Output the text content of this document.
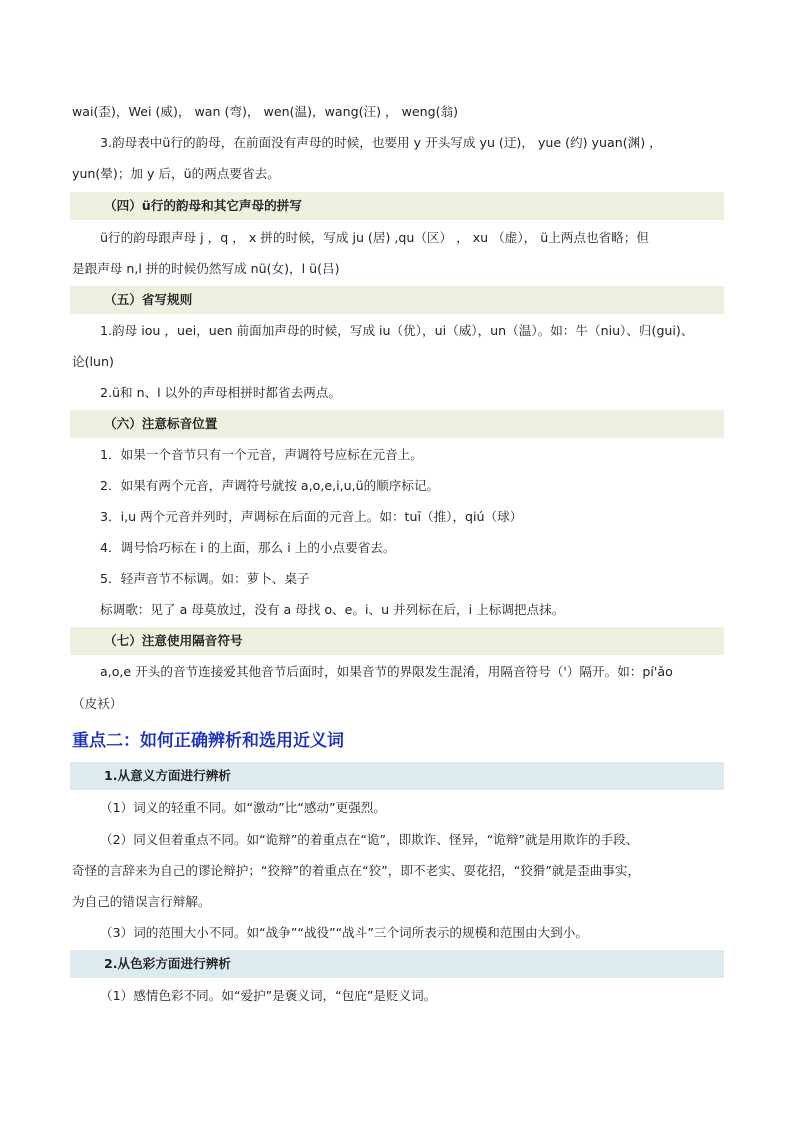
wai(歪)，Wei (威)， wan (弯)， wen(温)，wang(汪) ， weng(翁)
3.韵母表中ü行的韵母，在前面没有声母的时候，也要用 y 开头写成 yu (迂)， yue (约) yuan(渊) ，
yun(晕)；加 y 后，ü的两点要省去。
（四）ü行的韵母和其它声母的拼写
ü行的韵母跟声母 j ，q ， x 拼的时候，写成 ju (居) ,qu（区） ， xu （虚）， ü上两点也省略；但
是跟声母 n,l 拼的时候仍然写成 nü(女)，l ü(吕)
（五）省写规则
1.韵母 iou ，uei，uen 前面加声母的时候，写成 iu（优），ui（威），un（温）。如：牛（niu）、归(gui)、
论(lun)
2.ü和 n、l 以外的声母相拼时都省去两点。
（六）注意标音位置
1．如果一个音节只有一个元音，声调符号应标在元音上。
2．如果有两个元音，声调符号就按 a,o,e,i,u,ü的顺序标记。
3．i,u 两个元音并列时，声调标在后面的元音上。如：tuī（推），qiú（球）
4．调号恰巧标在 i 的上面，那么 i 上的小点要省去。
5．轻声音节不标调。如：萝卜、桌子
标调歌：见了 a 母莫放过，没有 a 母找 o、e。i、u 并列标在后，i 上标调把点抹。
（七）注意使用隔音符号
a,o,e 开头的音节连接爱其他音节后面时，如果音节的界限发生混淆，用隔音符号（'）隔开。如：pí'ǎo
（皮袄）
重点二：如何正确辨析和选用近义词
1.从意义方面进行辨析
（1）词义的轻重不同。如“激动”比“感动”更强烈。
（2）同义但着重点不同。如“诡辩”的着重点在“诡”，即欺诈、怪异，“诡辩”就是用欺诈的手段、
奇怪的言辞来为自己的谬论辩护；“狡辩”的着重点在“狡”，即不老实、耍花招，“狡猾”就是歪曲事实，
为自己的错误言行辩解。
（3）词的范围大小不同。如“战争”“战役”“战斗”三个词所表示的规模和范围由大到小。
2.从色彩方面进行辨析
（1）感情色彩不同。如“爱护”是褒义词，“包庇”是贬义词。
